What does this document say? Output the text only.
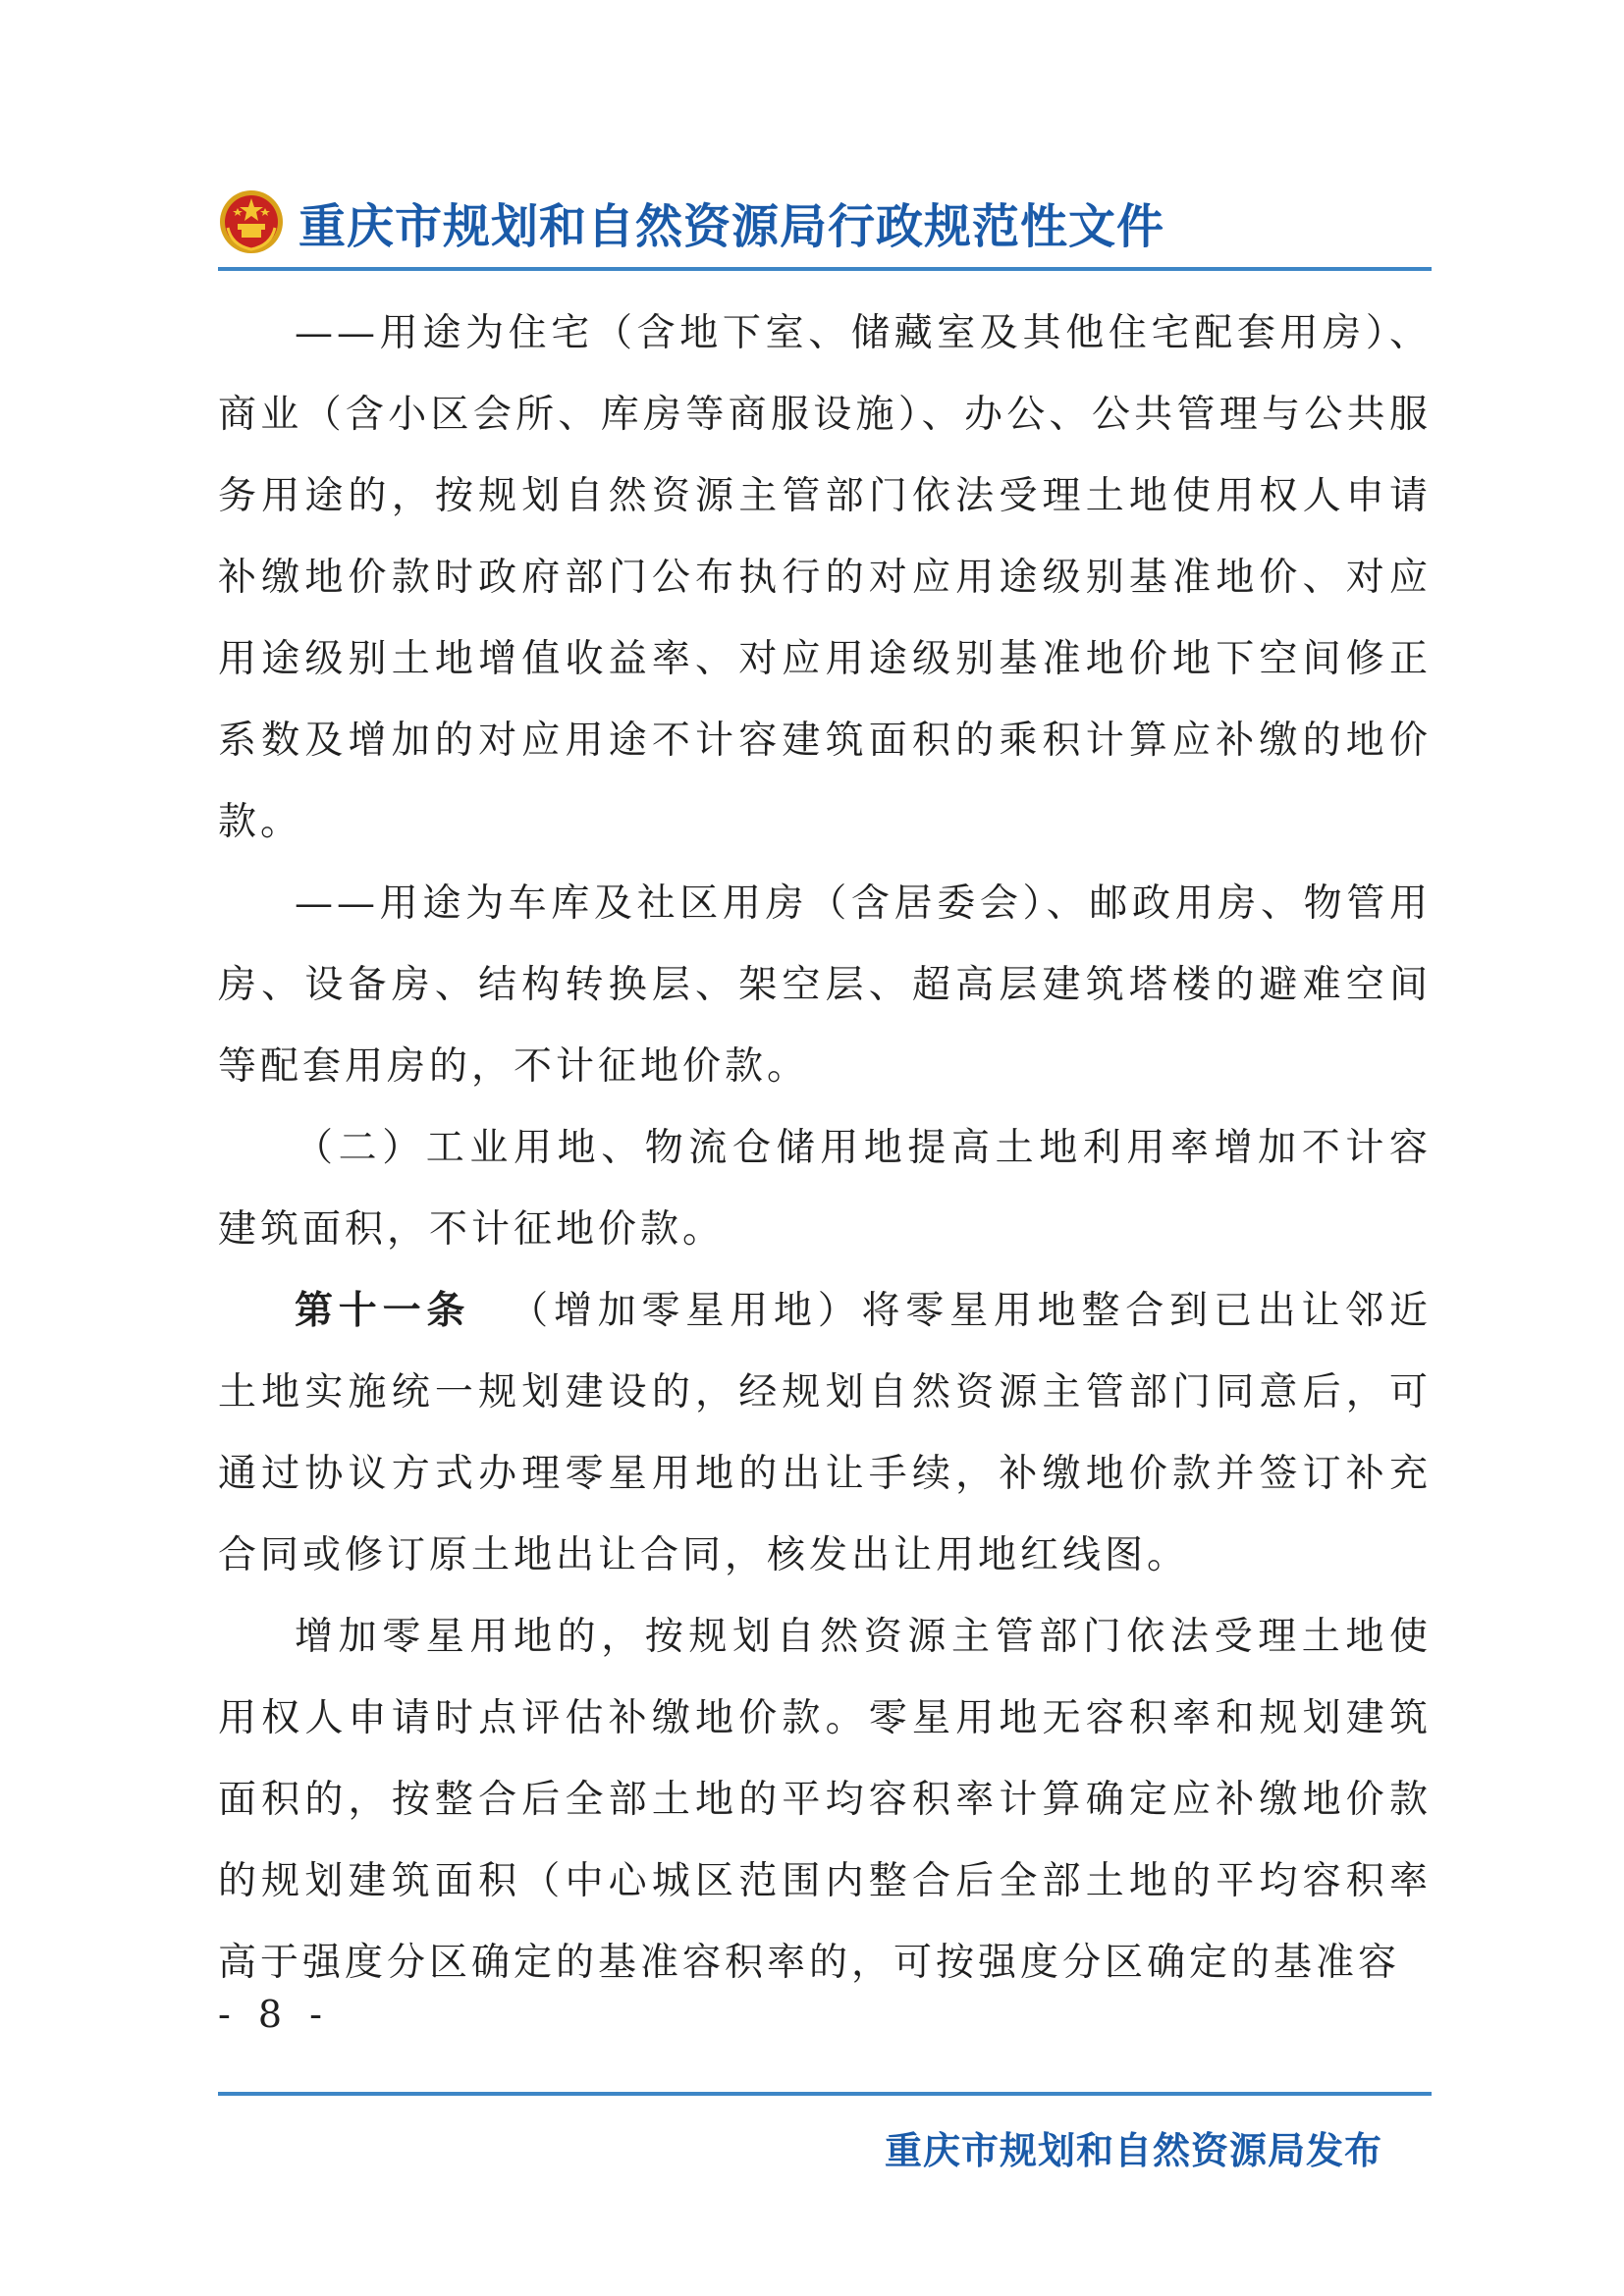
重庆市规划和自然资源局行政规范性文件

——用途为住宅（含地下室、储藏室及其他住宅配套用房）、商业（含小区会所、库房等商服设施）、办公、公共管理与公共服务用途的，按规划自然资源主管部门依法受理土地使用权人申请补缴地价款时政府部门公布执行的对应用途级别基准地价、对应用途级别土地增值收益率、对应用途级别基准地价地下空间修正系数及增加的对应用途不计容建筑面积的乘积计算应补缴的地价款。

——用途为车库及社区用房（含居委会）、邮政用房、物管用房、设备房、结构转换层、架空层、超高层建筑塔楼的避难空间等配套用房的，不计征地价款。

（二）工业用地、物流仓储用地提高土地利用率增加不计容建筑面积，不计征地价款。

第十一条 （增加零星用地）将零星用地整合到已出让邻近土地实施统一规划建设的，经规划自然资源主管部门同意后，可通过协议方式办理零星用地的出让手续，补缴地价款并签订补充合同或修订原土地出让合同，核发出让用地红线图。

增加零星用地的，按规划自然资源主管部门依法受理土地使用权人申请时点评估补缴地价款。零星用地无容积率和规划建筑面积的，按整合后全部土地的平均容积率计算确定应补缴地价款的规划建筑面积（中心城区范围内整合后全部土地的平均容积率高于强度分区确定的基准容积率的，可按强度分区确定的基准容

- 8 -
重庆市规划和自然资源局发布
